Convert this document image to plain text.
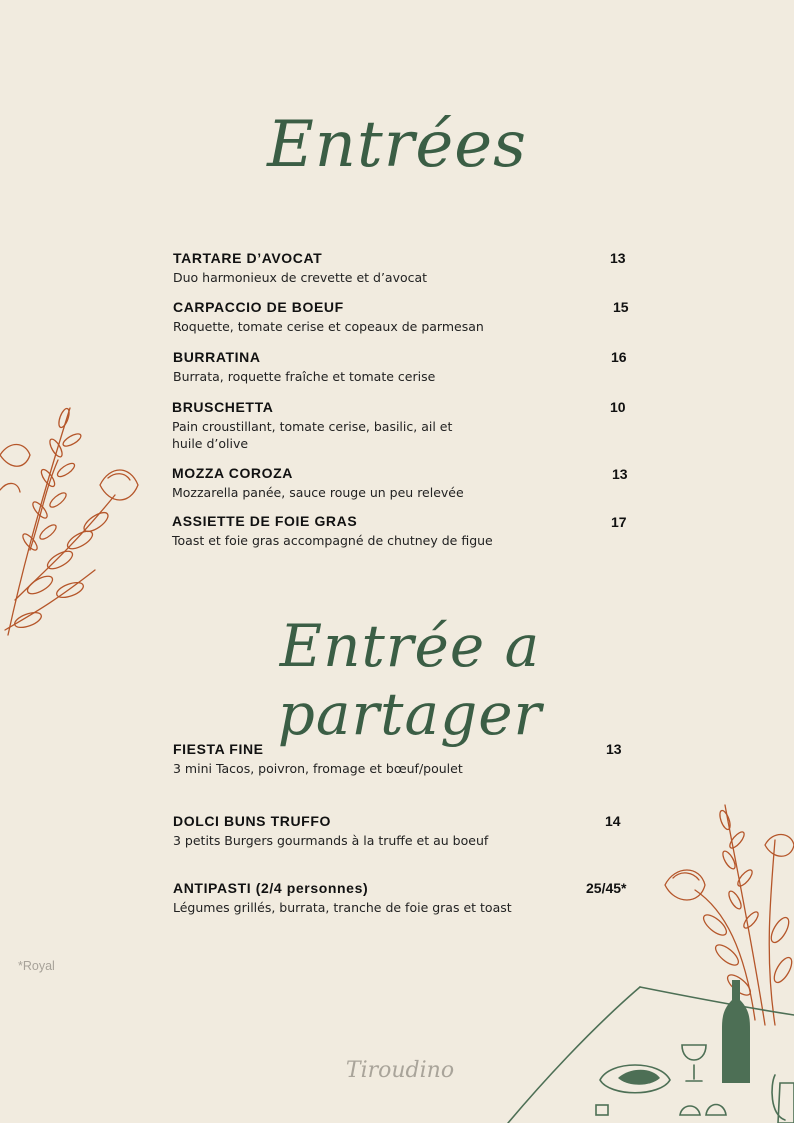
Entrées
Entrée a partager
TARTARE D’AVOCAT
Duo harmonieux de crevette et d’avocat
13
CARPACCIO DE BOEUF
Roquette, tomate cerise et copeaux de parmesan
15
BURRATINA
Burrata, roquette fraîche et tomate cerise
16
BRUSCHETTA
Pain croustillant, tomate cerise, basilic, ail et
huile d’olive
10
MOZZA COROZA
Mozzarella panée, sauce rouge un peu relevée
13
ASSIETTE DE FOIE GRAS
Toast et foie gras accompagné de chutney de figue
17
FIESTA FINE
3 mini Tacos, poivron, fromage et bœuf/poulet
13
DOLCI BUNS TRUFFO
3 petits Burgers gourmands à la truffe et au boeuf
14
ANTIPASTI (2/4 personnes)
Légumes grillés, burrata, tranche de foie gras et toast
25/45*
*Royal
Tiroudino
